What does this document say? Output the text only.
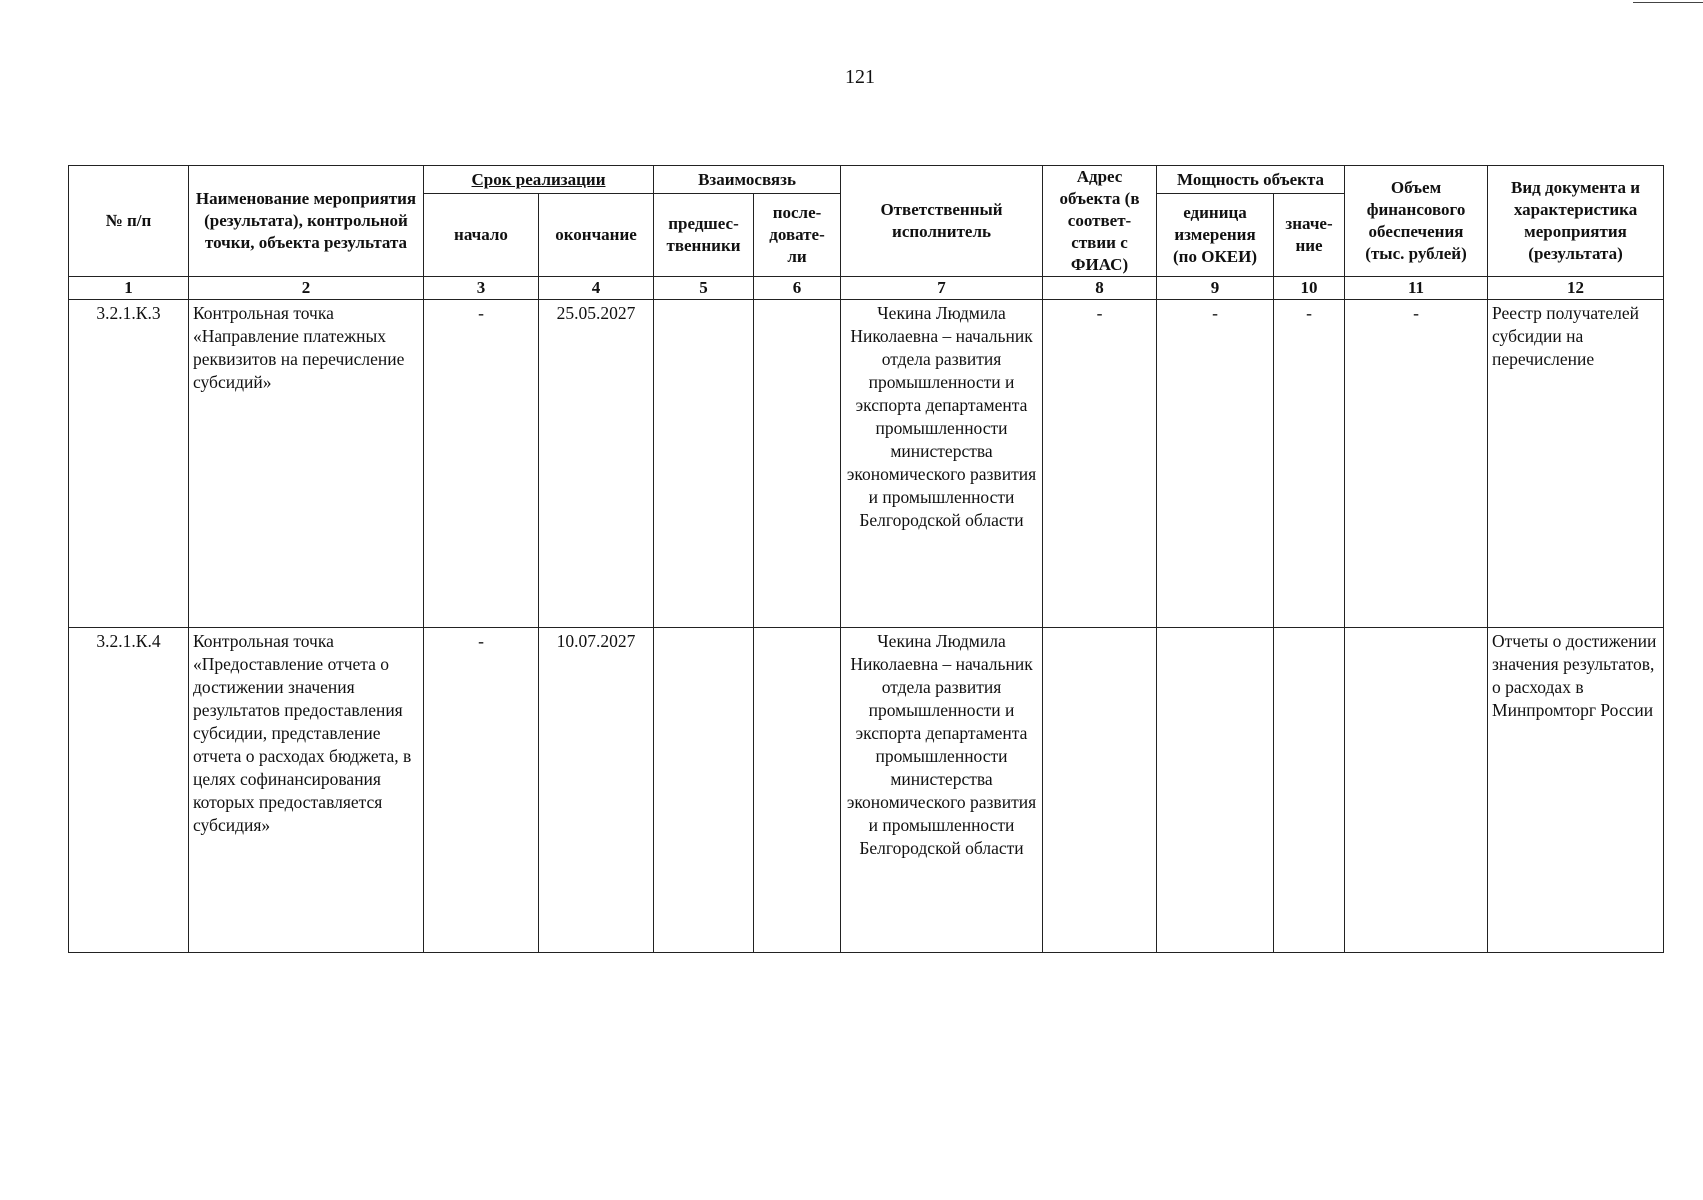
121
№ п/п	Наименование мероприятия (результата), контрольной точки, объекта результата	Срок реализации		Взаимосвязь		Ответственный исполнитель	Адрес объекта (в соответ- ствии с ФИАС)	Мощность объекта		Объем финансового обеспечения (тыс. рублей)	Вид документа и характеристика мероприятия (результата)
		начало	окончание	предшес- твенники	после- довате- ли			единица измерения (по ОКЕИ)	значе- ние		
1	2	3	4	5	6	7	8	9	10	11	12
3.2.1.К.3	Контрольная точка «Направление платежных реквизитов на перечисление субсидий»	-	25.05.2027			Чекина Людмила Николаевна – начальник отдела развития промышленности и экспорта департамента промышленности министерства экономического развития и промышленности Белгородской области	-	-	-	-	Реестр получателей субсидии на перечисление
3.2.1.К.4	Контрольная точка «Предоставление отчета о достижении значения результатов предоставления субсидии, представление отчета о расходах бюджета, в целях софинансирования которых предоставляется субсидия»	-	10.07.2027			Чекина Людмила Николаевна – начальник отдела развития промышленности и экспорта департамента промышленности министерства экономического развития и промышленности Белгородской области					Отчеты о достижении значения результатов, о расходах в Минпромторг России
